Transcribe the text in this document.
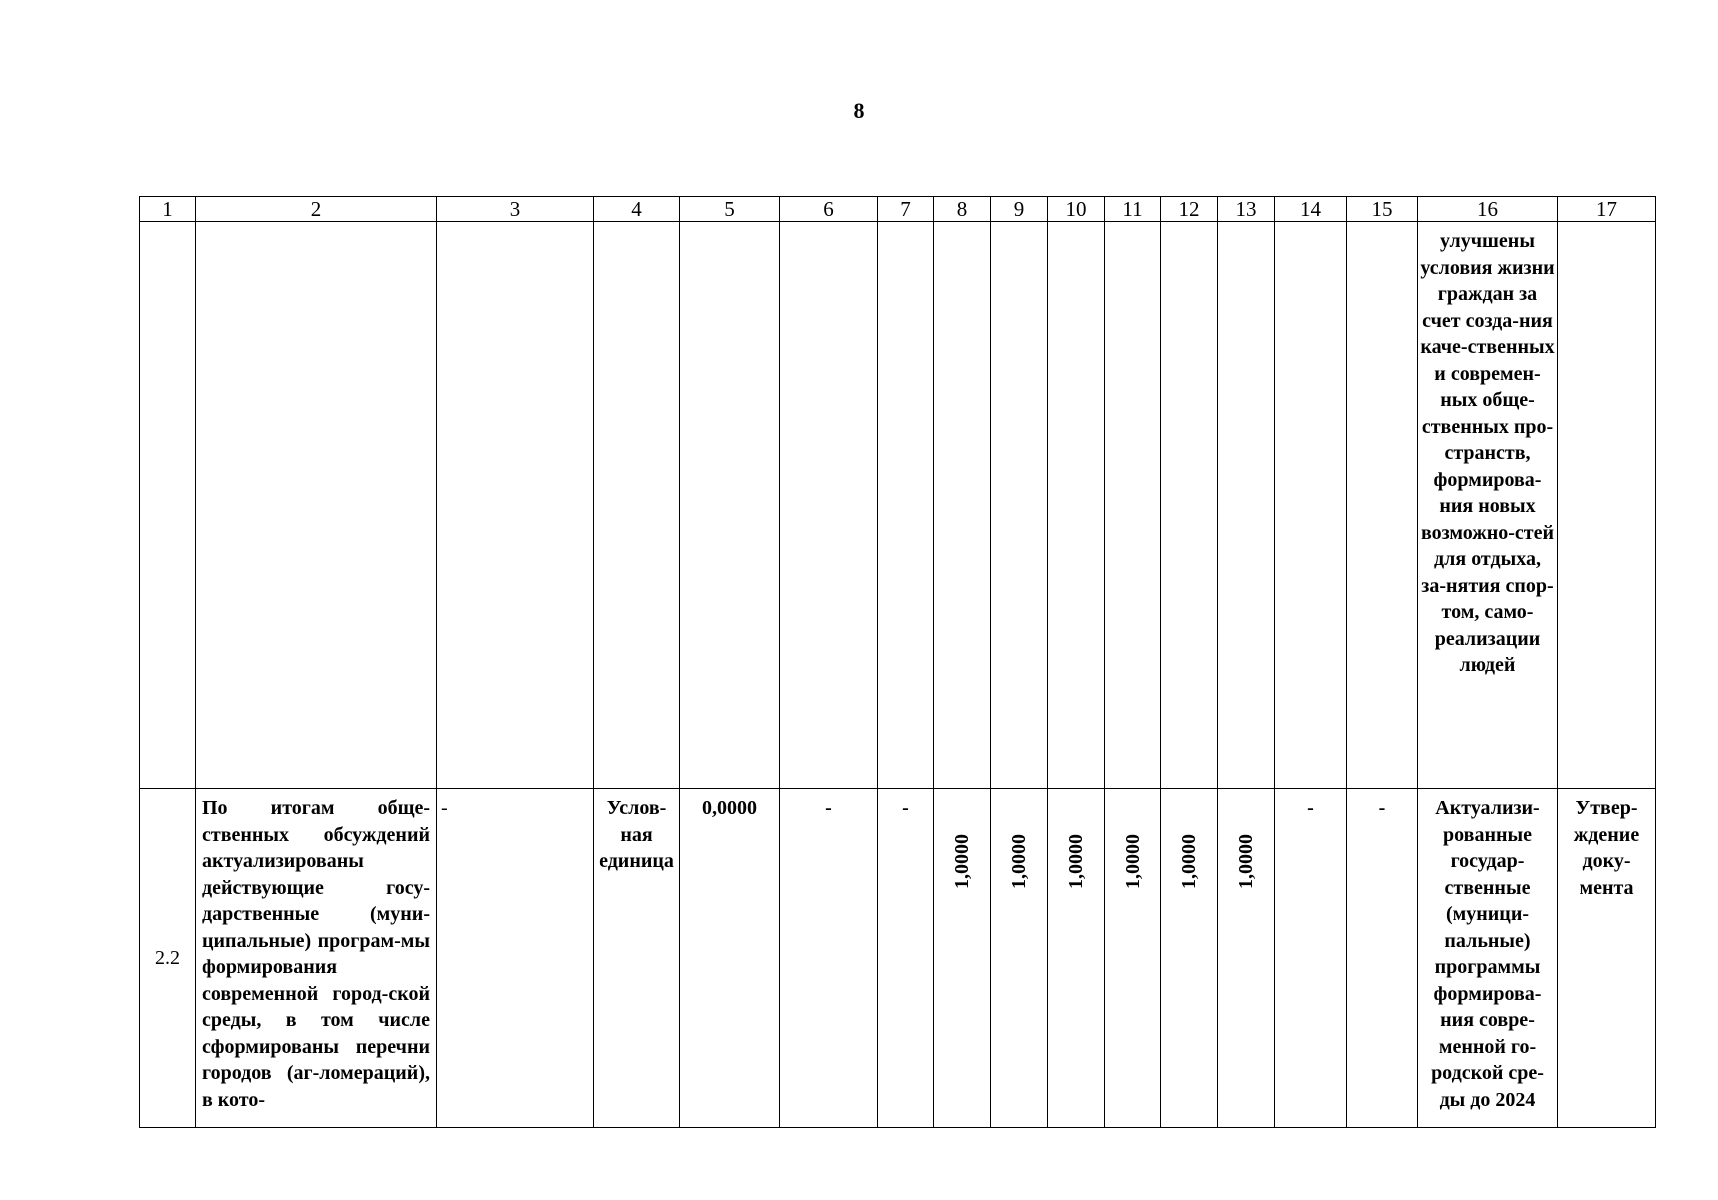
8
1	2	3	4	5	6	7	8	9	10	11	12	13	14	15	16	17
															улучшены условия жизни граждан за счет созда-ния каче-ственных и современ-ных обще-ственных про-странств, формирова-ния новых возможно-стей для отдыха, за-нятия спор-том, само-реализации людей	
2.2	По итогам обще-ственных обсуждений актуализированы действующие госу-дарственные (муни-ципальные) програм-мы формирования современной город-ской среды, в том числе сформированы перечни городов (аг-ломераций), в кото-	-	Услов-ная единица	0,0000	-	-	1,0000	1,0000	1,0000	1,0000	1,0000	1,0000	-	-	Актуализи-рованные государ-ственные (муници-пальные) программы формирова-ния совре-менной го-родской сре-ды до 2024	Утвер-ждение доку-мента
